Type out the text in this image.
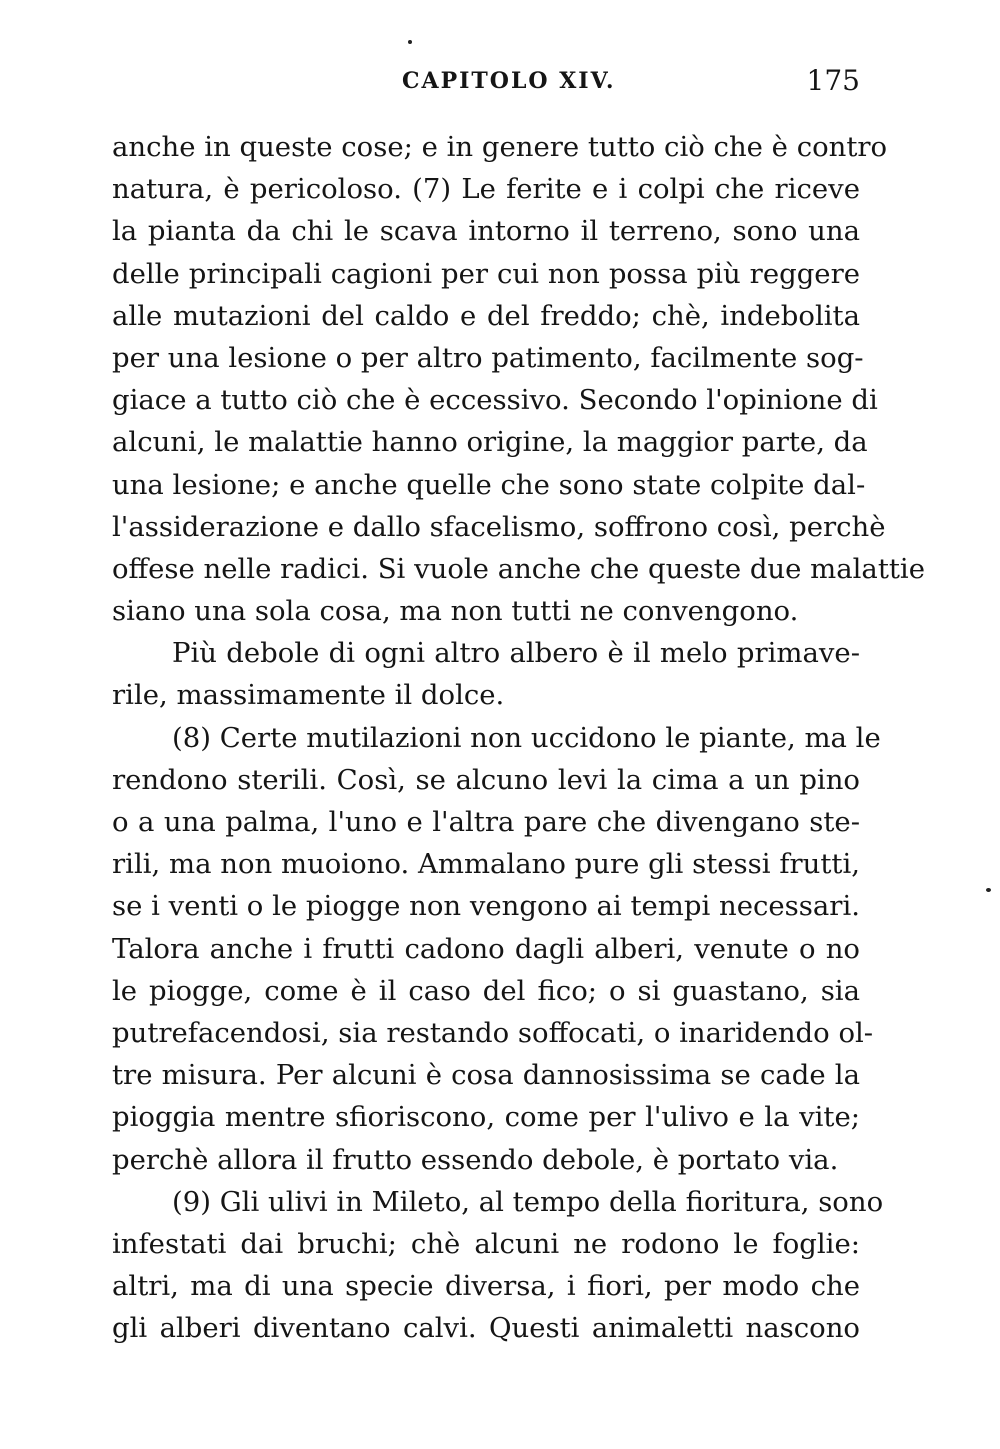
CAPITOLO XIV.	175
anche in queste cose; e in genere tutto ciò che è contro
natura, è pericoloso. (7) Le ferite e i colpi che riceve
la pianta da chi le scava intorno il terreno, sono una
delle principali cagioni per cui non possa più reggere
alle mutazioni del caldo e del freddo; chè, indebolita
per una lesione o per altro patimento, facilmente sog-
giace a tutto ciò che è eccessivo. Secondo l'opinione di
alcuni, le malattie hanno origine, la maggior parte, da
una lesione; e anche quelle che sono state colpite dal-
l'assiderazione e dallo sfacelismo, soffrono così, perchè
offese nelle radici. Si vuole anche che queste due malattie
siano una sola cosa, ma non tutti ne convengono.
Più debole di ogni altro albero è il melo primave-
rile, massimamente il dolce.
(8) Certe mutilazioni non uccidono le piante, ma le
rendono sterili. Così, se alcuno levi la cima a un pino
o a una palma, l'uno e l'altra pare che divengano ste-
rili, ma non muoiono. Ammalano pure gli stessi frutti,
se i venti o le piogge non vengono ai tempi necessari.
Talora anche i frutti cadono dagli alberi, venute o no
le piogge, come è il caso del fico; o si guastano, sia
putrefacendosi, sia restando soffocati, o inaridendo ol-
tre misura. Per alcuni è cosa dannosissima se cade la
pioggia mentre sfioriscono, come per l'ulivo e la vite;
perchè allora il frutto essendo debole, è portato via.
(9) Gli ulivi in Mileto, al tempo della fioritura, sono
infestati dai bruchi; chè alcuni ne rodono le foglie:
altri, ma di una specie diversa, i fiori, per modo che
gli alberi diventano calvi. Questi animaletti nascono
